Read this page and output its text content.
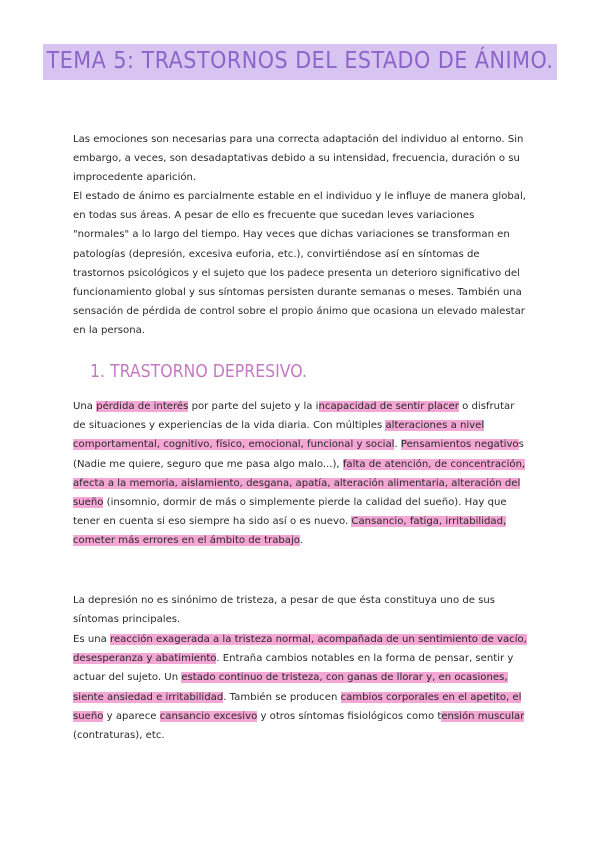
TEMA 5: TRASTORNOS DEL ESTADO DE ÁNIMO.

Las emociones son necesarias para una correcta adaptación del individuo al entorno. Sin embargo, a veces, son desadaptativas debido a su intensidad, frecuencia, duración o su improcedente aparición.

El estado de ánimo es parcialmente estable en el individuo y le influye de manera global, en todas sus áreas. A pesar de ello es frecuente que sucedan leves variaciones "normales" a lo largo del tiempo. Hay veces que dichas variaciones se transforman en patologías (depresión, excesiva euforia, etc.), convirtiéndose así en síntomas de trastornos psicológicos y el sujeto que los padece presenta un deterioro significativo del funcionamiento global y sus síntomas persisten durante semanas o meses. También una sensación de pérdida de control sobre el propio ánimo que ocasiona un elevado malestar en la persona.

1. TRASTORNO DEPRESIVO.

Una pérdida de interés por parte del sujeto y la incapacidad de sentir placer o disfrutar de situaciones y experiencias de la vida diaria. Con múltiples alteraciones a nivel comportamental, cognitivo, físico, emocional, funcional y social. Pensamientos negativos (Nadie me quiere, seguro que me pasa algo malo...), falta de atención, de concentración, afecta a la memoria, aislamiento, desgana, apatía, alteración alimentaria, alteración del sueño (insomnio, dormir de más o simplemente pierde la calidad del sueño). Hay que tener en cuenta si eso siempre ha sido así o es nuevo. Cansancio, fatiga, irritabilidad, cometer más errores en el ámbito de trabajo.

La depresión no es sinónimo de tristeza, a pesar de que ésta constituya uno de sus síntomas principales.

Es una reacción exagerada a la tristeza normal, acompañada de un sentimiento de vacío, desesperanza y abatimiento. Entraña cambios notables en la forma de pensar, sentir y actuar del sujeto. Un estado continuo de tristeza, con ganas de llorar y, en ocasiones, siente ansiedad e irritabilidad. También se producen cambios corporales en el apetito, el sueño y aparece cansancio excesivo y otros síntomas fisiológicos como tensión muscular (contraturas), etc.
